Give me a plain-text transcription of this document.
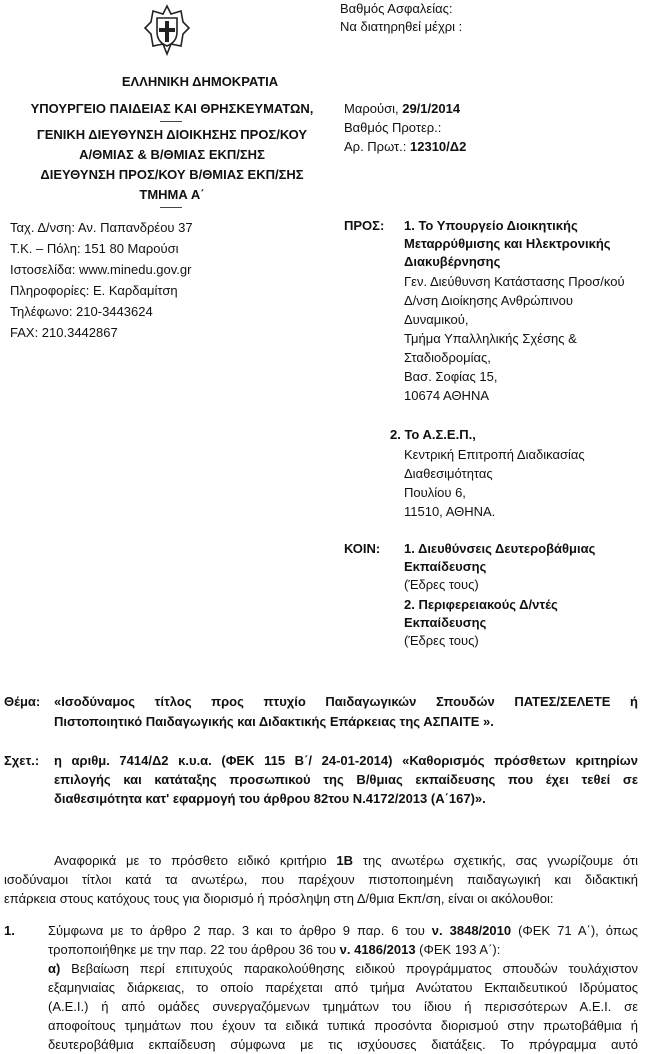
Βαθμός Ασφαλείας:
Να διατηρηθεί μέχρι :
ΕΛΛΗΝΙΚΗ ΔΗΜΟΚΡΑΤΙΑ
ΥΠΟΥΡΓΕΙΟ ΠΑΙΔΕΙΑΣ ΚΑΙ ΘΡΗΣΚΕΥΜΑΤΩΝ,
ΓΕΝΙΚΗ ΔΙΕΥΘΥΝΣΗ ΔΙΟΙΚΗΣΗΣ ΠΡΟΣ/ΚΟΥ
Α/ΘΜΙΑΣ & Β/ΘΜΙΑΣ ΕΚΠ/ΣΗΣ
ΔΙΕΥΘΥΝΣΗ ΠΡΟΣ/ΚΟΥ Β/ΘΜΙΑΣ ΕΚΠ/ΣΗΣ
ΤΜΗΜΑ Α΄
Ταχ. Δ/νση: Αν. Παπανδρέου 37
Τ.Κ. – Πόλη: 151 80 Μαρούσι
Ιστοσελίδα: www.minedu.gov.gr
Πληροφορίες: Ε. Καρδαμίτση
Τηλέφωνο: 210-3443624
FAX: 210.3442867
Μαρούσι, 29/1/2014
Βαθμός Προτερ.:
Αρ. Πρωτ.: 12310/Δ2
ΠΡΟΣ: 1. Το Υπουργείο Διοικητικής
Μεταρρύθμισης και Ηλεκτρονικής
Διακυβέρνησης
Γεν. Διεύθυνση Κατάστασης Προσ/κού
Δ/νση Διοίκησης Ανθρώπινου
Δυναμικού,
Τμήμα Υπαλληλικής Σχέσης &
Σταδιοδρομίας,
Βασ. Σοφίας 15,
10674 ΑΘΗΝΑ
2. Το Α.Σ.Ε.Π.,
Κεντρική Επιτροπή Διαδικασίας
Διαθεσιμότητας
Πουλίου 6,
11510, ΑΘΗΝΑ.
ΚΟΙΝ: 1. Διευθύνσεις Δευτεροβάθμιας
Εκπαίδευσης
(Έδρες τους)
2. Περιφερειακούς Δ/ντές
Εκπαίδευσης
(Έδρες τους)
Θέμα: «Ισοδύναμος τίτλος προς πτυχίο Παιδαγωγικών Σπουδών ΠΑΤΕΣ/ΣΕΛΕΤΕ ή
Πιστοποιητικό Παιδαγωγικής και Διδακτικής Επάρκειας της ΑΣΠΑΙΤΕ ».
Σχετ.: η αριθμ. 7414/Δ2 κ.υ.α. (ΦΕΚ 115 Β΄/ 24-01-2014) «Καθορισμός πρόσθετων κριτηρίων
επιλογής και κατάταξης προσωπικού της Β/θμιας εκπαίδευσης που έχει τεθεί σε
διαθεσιμότητα κατ' εφαρμογή του άρθρου 82του Ν.4172/2013 (Α΄167)».
Αναφορικά με το πρόσθετο ειδικό κριτήριο 1Β της ανωτέρω σχετικής, σας γνωρίζουμε ότι
ισοδύναμοι τίτλοι κατά τα ανωτέρω, που παρέχουν πιστοποιημένη παιδαγωγική και διδακτική
επάρκεια στους κατόχους τους για διορισμό ή πρόσληψη στη Δ/θμια Εκπ/ση, είναι οι ακόλουθοι:
1.	Σύμφωνα με το άρθρο 2 παρ. 3 και το άρθρο 9 παρ. 6 του ν. 3848/2010 (ΦΕΚ 71 Α΄), όπως
τροποποιήθηκε με την παρ. 22 του άρθρου 36 του ν. 4186/2013 (ΦΕΚ 193 Α΄):
α) Βεβαίωση περί επιτυχούς παρακολούθησης ειδικού προγράμματος σπουδών τουλάχιστον
εξαμηνιαίας διάρκειας, το οποίο παρέχεται από τμήμα Ανώτατου Εκπαιδευτικού Ιδρύματος
(Α.Ε.Ι.) ή από ομάδες συνεργαζόμενων τμημάτων του ίδιου ή περισσότερων Α.Ε.Ι. σε
αποφοίτους τμημάτων που έχουν τα ειδικά τυπικά προσόντα διορισμού στην πρωτοβάθμια ή
δευτεροβάθμια εκπαίδευση σύμφωνα με τις ισχύουσες διατάξεις. Το πρόγραμμα αυτό
